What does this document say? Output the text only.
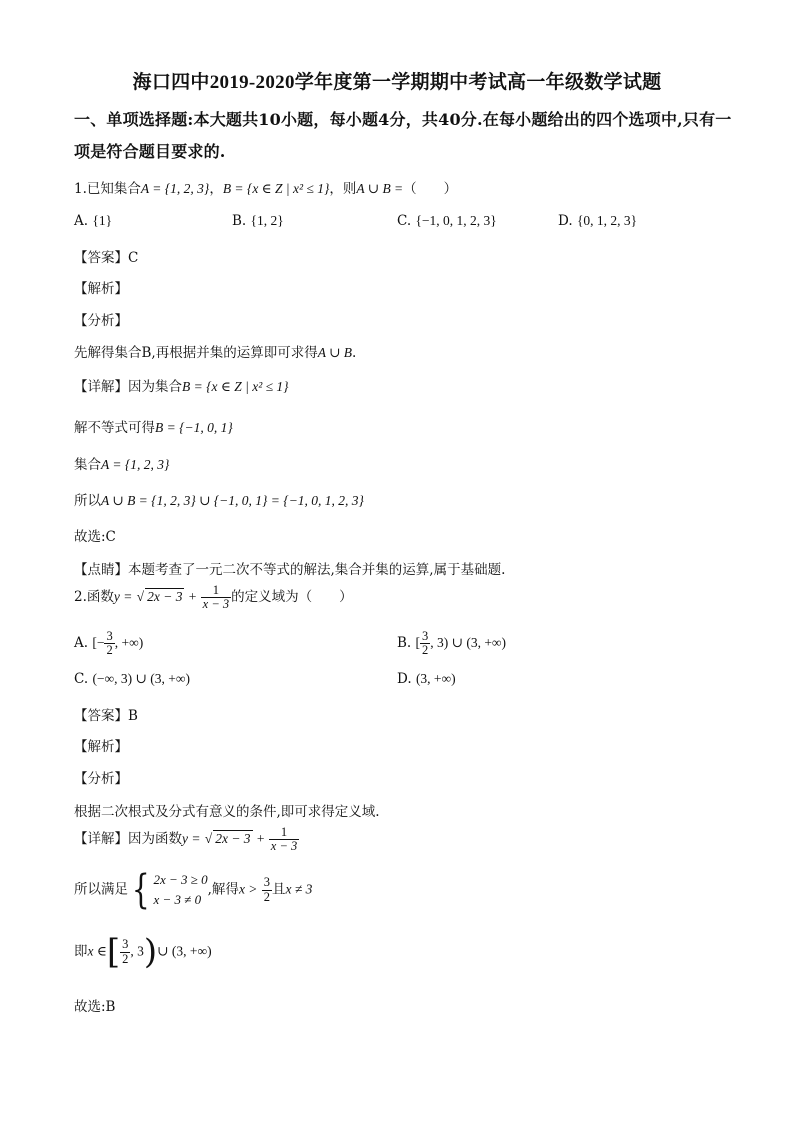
海口四中2019-2020学年度第一学期期中考试高一年级数学试题
一、单项选择题:本大题共10小题，每小题4分，共40分.在每小题给出的四个选项中,只有一
项是符合题目要求的.
1.已知集合A = {1, 2, 3}，B = {x ∈ Z | x² ≤ 1}，则A ∪ B =（　　）
A. {1}	B. {1, 2}	C. {−1, 0, 1, 2, 3}	D. {0, 1, 2, 3}
【答案】C
【解析】
【分析】
先解得集合B,再根据并集的运算即可求得A ∪ B.
【详解】因为集合B = {x ∈ Z | x² ≤ 1}
解不等式可得B = {−1, 0, 1}
集合A = {1, 2, 3}
所以A ∪ B = {1, 2, 3} ∪ {−1, 0, 1} = {−1, 0, 1, 2, 3}
故选:C
【点睛】本题考查了一元二次不等式的解法,集合并集的运算,属于基础题.
2.函数y = √ $2x - 3 + \frac{1}{x - 3}$ 的定义域为（　　）
A. [− $\frac{3}{2}$ , +∞)	B. [ $\frac{3}{2}$ , 3) ∪ (3, +∞)
C. (−∞, 3) ∪ (3, +∞)	D. (3, +∞)
【答案】B
【解析】
【分析】
根据二次根式及分式有意义的条件,即可求得定义域.
【详解】因为函数y = √ $2x - 3 + \frac{1}{x - 3}$
所以满足{ 2x − 3 ≥ 0
x − 3 ≠ 0
,解得$x > \frac{3}{2}$ 且x ≠ 3
即x ∈[ $\frac{3}{2}$ , 3)∪ (3, +∞)
故选:B
